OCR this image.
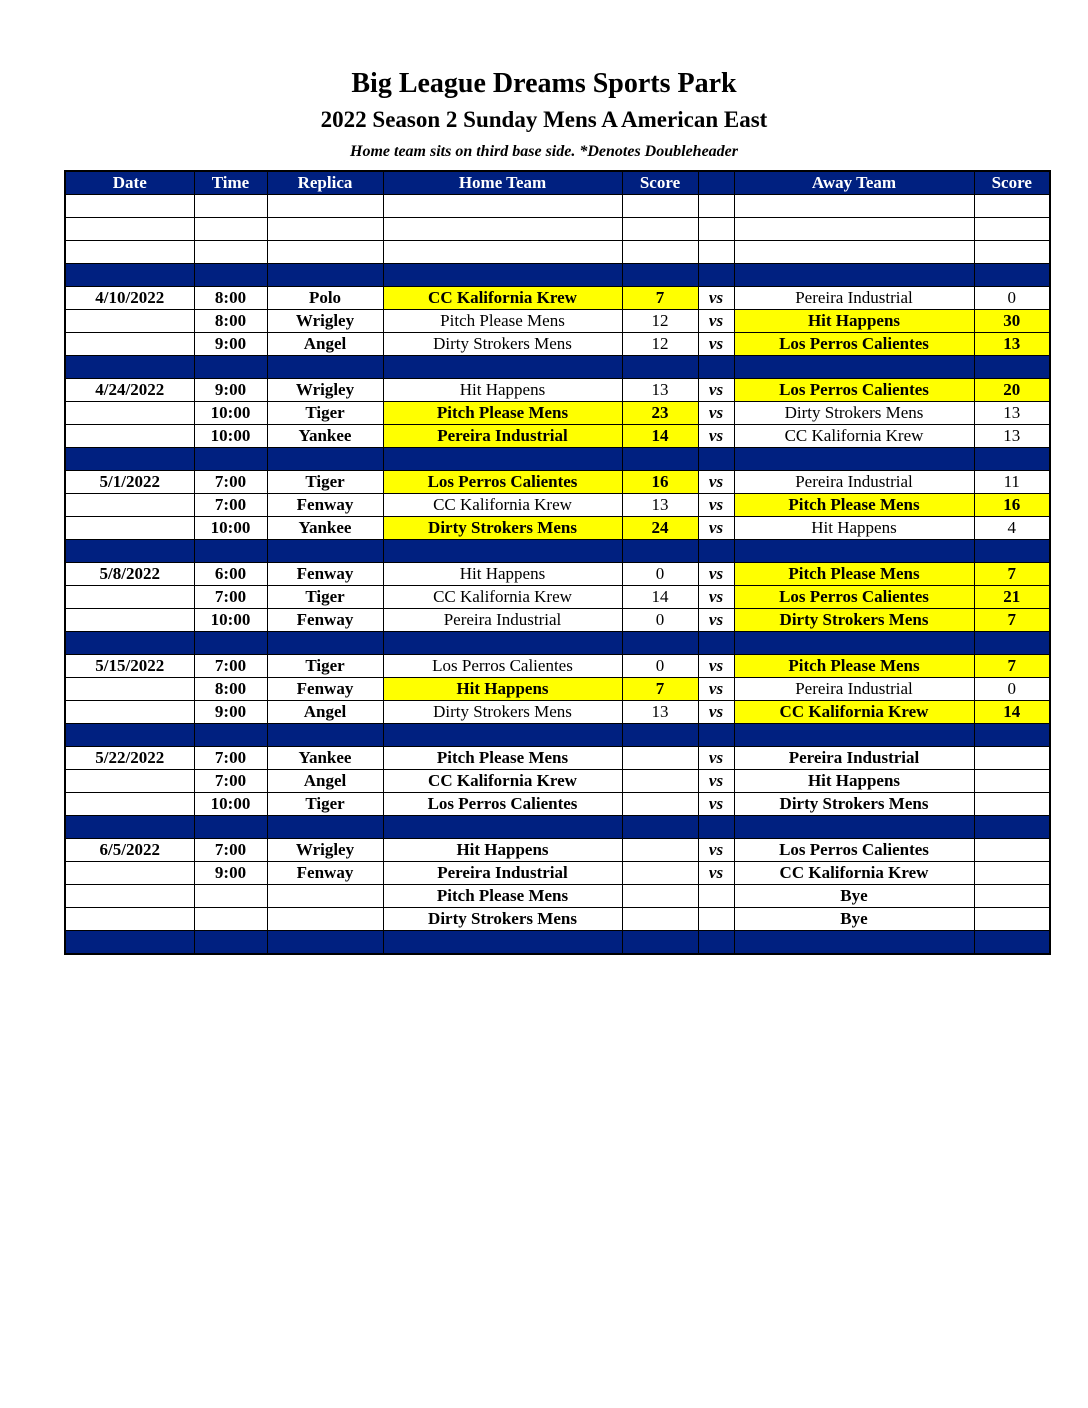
Big League Dreams Sports Park
2022 Season 2 Sunday Mens A American East
Home team sits on third base side. *Denotes Doubleheader
Date	Time	Replica	Home Team	Score		Away Team	Score

4/10/2022	8:00	Polo	CC Kalifornia Krew	7	vs	Pereira Industrial	0
	8:00	Wrigley	Pitch Please Mens	12	vs	Hit Happens	30
	9:00	Angel	Dirty Strokers Mens	12	vs	Los Perros Calientes	13

4/24/2022	9:00	Wrigley	Hit Happens	13	vs	Los Perros Calientes	20
	10:00	Tiger	Pitch Please Mens	23	vs	Dirty Strokers Mens	13
	10:00	Yankee	Pereira Industrial	14	vs	CC Kalifornia Krew	13

5/1/2022	7:00	Tiger	Los Perros Calientes	16	vs	Pereira Industrial	11
	7:00	Fenway	CC Kalifornia Krew	13	vs	Pitch Please Mens	16
	10:00	Yankee	Dirty Strokers Mens	24	vs	Hit Happens	4

5/8/2022	6:00	Fenway	Hit Happens	0	vs	Pitch Please Mens	7
	7:00	Tiger	CC Kalifornia Krew	14	vs	Los Perros Calientes	21
	10:00	Fenway	Pereira Industrial	0	vs	Dirty Strokers Mens	7

5/15/2022	7:00	Tiger	Los Perros Calientes	0	vs	Pitch Please Mens	7
	8:00	Fenway	Hit Happens	7	vs	Pereira Industrial	0
	9:00	Angel	Dirty Strokers Mens	13	vs	CC Kalifornia Krew	14

5/22/2022	7:00	Yankee	Pitch Please Mens		vs	Pereira Industrial	
	7:00	Angel	CC Kalifornia Krew		vs	Hit Happens	
	10:00	Tiger	Los Perros Calientes		vs	Dirty Strokers Mens	

6/5/2022	7:00	Wrigley	Hit Happens		vs	Los Perros Calientes	
	9:00	Fenway	Pereira Industrial		vs	CC Kalifornia Krew	
			Pitch Please Mens			Bye	
			Dirty Strokers Mens			Bye	
